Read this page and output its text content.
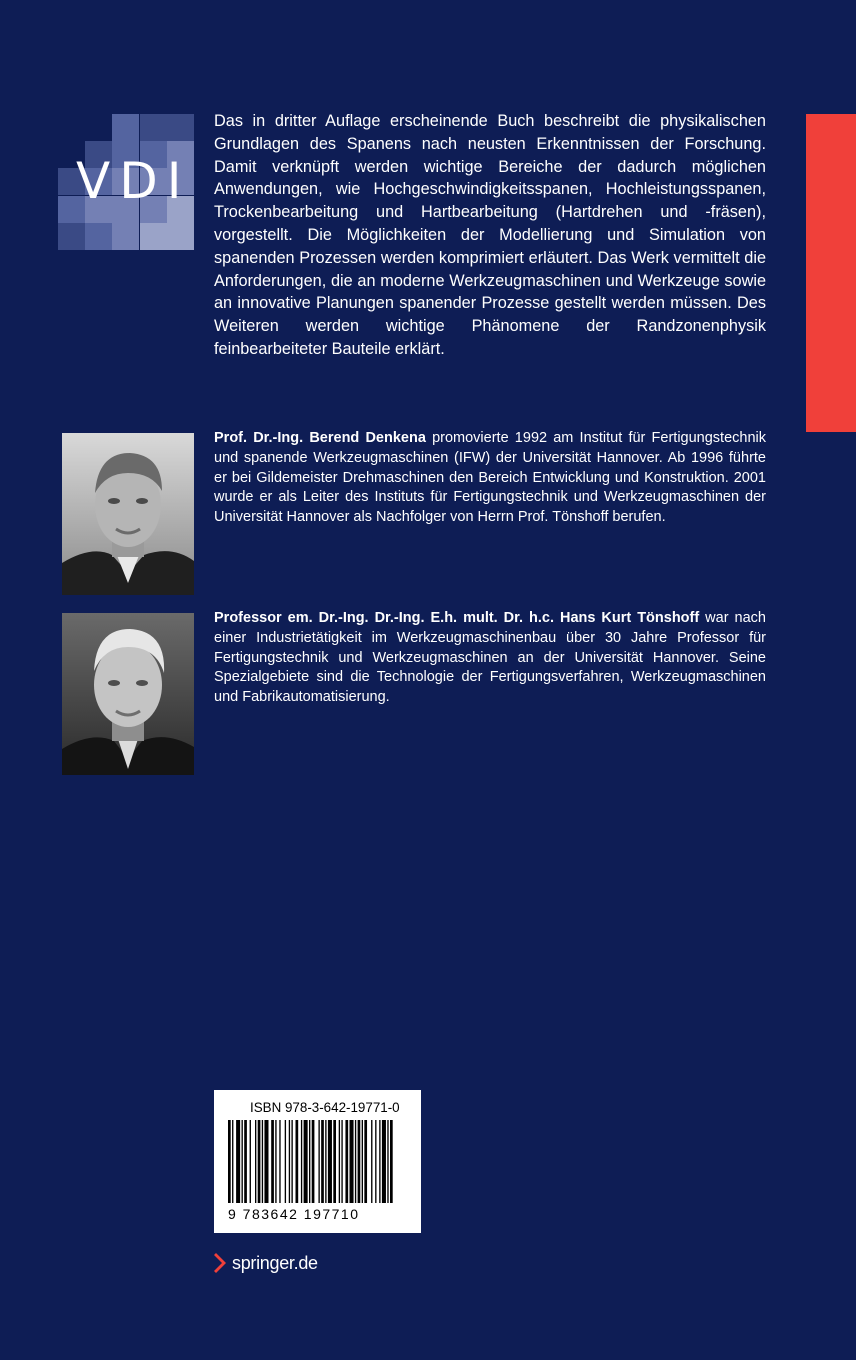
VDI

Das in dritter Auflage erscheinende Buch beschreibt die physikalischen Grundlagen des Spanens nach neusten Erkenntnissen der Forschung. Damit verknüpft werden wichtige Bereiche der dadurch möglichen Anwendungen, wie Hochgeschwindigkeitsspanen, Hochleistungsspanen, Trockenbearbeitung und Hartbearbeitung (Hartdrehen und -fräsen), vorgestellt. Die Möglichkeiten der Modellierung und Simulation von spanenden Prozessen werden komprimiert erläutert. Das Werk vermittelt die Anforderungen, die an moderne Werkzeugmaschinen und Werkzeuge sowie an innovative Planungen spanender Prozesse gestellt werden müssen. Des Weiteren werden wichtige Phänomene der Randzonenphysik feinbearbeiteter Bauteile erklärt.

Prof. Dr.-Ing. Berend Denkena promovierte 1992 am Institut für Fertigungstechnik und spanende Werkzeugmaschinen (IFW) der Universität Hannover. Ab 1996 führte er bei Gildemeister Drehmaschinen den Bereich Entwicklung und Konstruktion. 2001 wurde er als Leiter des Instituts für Fertigungstechnik und Werkzeugmaschinen der Universität Hannover als Nachfolger von Herrn Prof. Tönshoff berufen.

Professor em. Dr.-Ing. Dr.-Ing. E.h. mult. Dr. h.c. Hans Kurt Tönshoff war nach einer Industrietätigkeit im Werkzeugmaschinenbau über 30 Jahre Professor für Fertigungstechnik und Werkzeugmaschinen an der Universität Hannover. Seine Spezialgebiete sind die Technologie der Fertigungsverfahren, Werkzeugmaschinen und Fabrikautomatisierung.

ISBN 978-3-642-19771-0
9 783642 197710
springer.de
